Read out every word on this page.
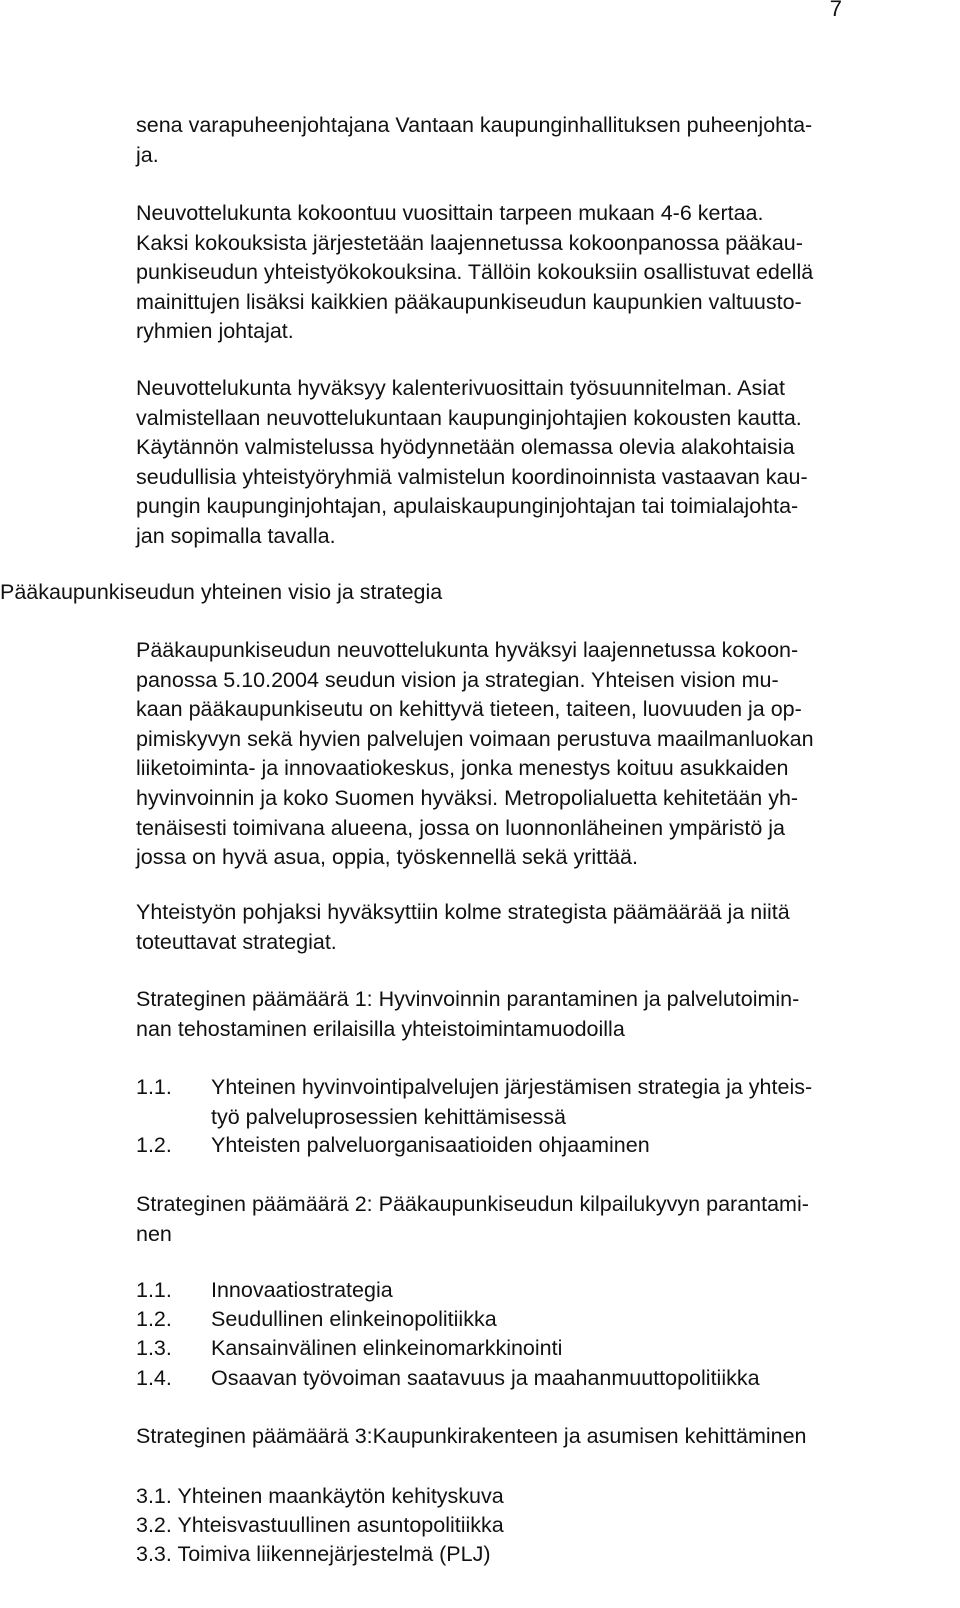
7
sena varapuheenjohtajana Vantaan kaupunginhallituksen puheenjohta-
ja.
Neuvottelukunta kokoontuu vuosittain tarpeen mukaan 4-6 kertaa.
Kaksi kokouksista järjestetään laajennetussa kokoonpanossa pääkau-
punkiseudun yhteistyökokouksina. Tällöin kokouksiin osallistuvat edellä
mainittujen lisäksi kaikkien pääkaupunkiseudun kaupunkien valtuusto-
ryhmien johtajat.
Neuvottelukunta hyväksyy kalenterivuosittain työsuunnitelman. Asiat
valmistellaan neuvottelukuntaan kaupunginjohtajien kokousten kautta.
Käytännön valmistelussa hyödynnetään olemassa olevia alakohtaisia
seudullisia yhteistyöryhmiä valmistelun koordinoinnista vastaavan kau-
pungin kaupunginjohtajan, apulaiskaupunginjohtajan tai toimialajohta-
jan sopimalla tavalla.
Pääkaupunkiseudun yhteinen visio ja strategia
Pääkaupunkiseudun neuvottelukunta hyväksyi laajennetussa kokoon-
panossa 5.10.2004 seudun vision ja strategian. Yhteisen vision mu-
kaan pääkaupunkiseutu on kehittyvä tieteen, taiteen, luovuuden ja op-
pimiskyvyn sekä hyvien palvelujen voimaan perustuva maailmanluokan
liiketoiminta- ja innovaatiokeskus, jonka menestys koituu asukkaiden
hyvinvoinnin ja koko Suomen hyväksi. Metropolialuetta kehitetään yh-
tenäisesti toimivana alueena, jossa on luonnonläheinen ympäristö ja
jossa on hyvä asua, oppia, työskennellä sekä yrittää.
Yhteistyön pohjaksi hyväksyttiin kolme strategista päämäärää ja niitä
toteuttavat strategiat.
Strateginen päämäärä 1: Hyvinvoinnin parantaminen ja palvelutoimin-
nan tehostaminen erilaisilla yhteistoimintamuodoilla
1.1. Yhteinen hyvinvointipalvelujen järjestämisen strategia ja yhteis-
työ palveluprosessien kehittämisessä
1.2. Yhteisten palveluorganisaatioiden ohjaaminen
Strateginen päämäärä 2: Pääkaupunkiseudun kilpailukyvyn parantami-
nen
1.1. Innovaatiostrategia
1.2. Seudullinen elinkeinopolitiikka
1.3. Kansainvälinen elinkeinomarkkinointi
1.4. Osaavan työvoiman saatavuus ja maahanmuuttopolitiikka
Strateginen päämäärä 3:Kaupunkirakenteen ja asumisen kehittäminen
3.1. Yhteinen maankäytön kehityskuva
3.2. Yhteisvastuullinen asuntopolitiikka
3.3. Toimiva liikennejärjestelmä (PLJ)
